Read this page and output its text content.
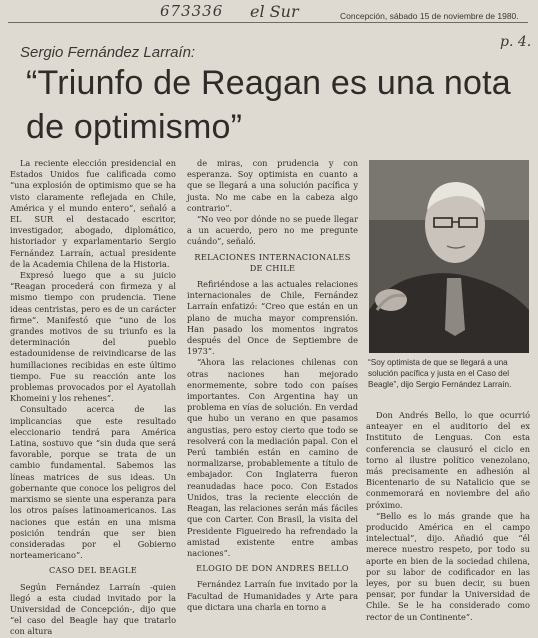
673336 el Sur	Concepción, sábado 15 de noviembre de 1980.
p. 4.
Sergio Fernández Larraín:
“Triunfo de Reagan es una nota de optimismo”

La reciente elección presidencial en Estados Unidos fue calificada como “una explosión de optimismo que se ha visto claramente reflejada en Chile, América y el mundo entero”, señaló a EL SUR el destacado escritor, investigador, abogado, diplomático, historiador y exparlamentario Sergio Fernández Larraín, actual presidente de la Academia Chilena de la Historia.

Expresó luego que a su juicio “Reagan procederá con firmeza y al mismo tiempo con prudencia. Tiene ideas centristas, pero es de un carácter firme”. Manifestó que “uno de los grandes motivos de su triunfo es la determinación del pueblo estadounidense de reivindicarse de las humillaciones recibidas en este último tiempo. Fue su reacción ante los problemas provocados por el Ayatollah Khomeini y los rehenes”.

Consultado acerca de las implicancias que este resultado eleccionario tendrá para América Latina, sostuvo que “sin duda que será favorable, porque se trata de un cambio fundamental. Sabemos las líneas matrices de sus ideas. Un gobernante que conoce los peligros del marxismo se siente una esperanza para los otros países latinoamericanos. Las naciones que están en una misma posición tendrán que ser bien consideradas por el Gobierno norteamericano”.

CASO DEL BEAGLE

Según Fernández Larraín -quien llegó a esta ciudad invitado por la Universidad de Concepción-, dijo que “el caso del Beagle hay que tratarlo con altura

de miras, con prudencia y con esperanza. Soy optimista en cuanto a que se llegará a una solución pacífica y justa. No me cabe en la cabeza algo contrario”.

“No veo por dónde no se puede llegar a un acuerdo, pero no me pregunte cuándo”, señaló.

RELACIONES INTERNACIONALES DE CHILE

Refiriéndose a las actuales relaciones internacionales de Chile, Fernández Larraín enfatizó: “Creo que están en un plano de mucha mayor comprensión. Han pasado los momentos ingratos después del Once de Septiembre de 1973”.

“Ahora las relaciones chilenas con otras naciones han mejorado enormemente, sobre todo con países importantes. Con Argentina hay un problema en vías de solución. En verdad que hubo un verano en que pasamos angustias, pero estoy cierto que todo se resolverá con la mediación papal. Con el Perú también están en camino de normalizarse, probablemente a título de embajador. Con Inglaterra fueron reanudadas hace poco. Con Estados Unidos, tras la reciente elección de Reagan, las relaciones serán más fáciles que con Carter. Con Brasil, la visita del Presidente Figueiredo ha refrendado la amistad existente entre ambas naciones”.

ELOGIO DE DON ANDRES BELLO

Fernández Larraín fue invitado por la Facultad de Humanidades y Arte para que dictara una charla en torno a

“Soy optimista de que se llegará a una solución pacífica y justa en el Caso del Beagle”, dijo Sergio Fernández Larraín.

Don Andrés Bello, lo que ocurrió anteayer en el auditorio del ex Instituto de Lenguas. Con esta conferencia se clausuró el ciclo en torno al ilustre político venezolano, más precisamente en adhesión al Bicentenario de su Natalicio que se conmemorará en noviembre del año próximo.

“Bello es lo más grande que ha producido América en el campo intelectual”, dijo. Añadió que “él merece nuestro respeto, por todo su aporte en bien de la sociedad chilena, por su labor de codificador en las leyes, por su buen decir, su buen pensar, por fundar la Universidad de Chile. Se le ha considerado como rector de un Continente”.
